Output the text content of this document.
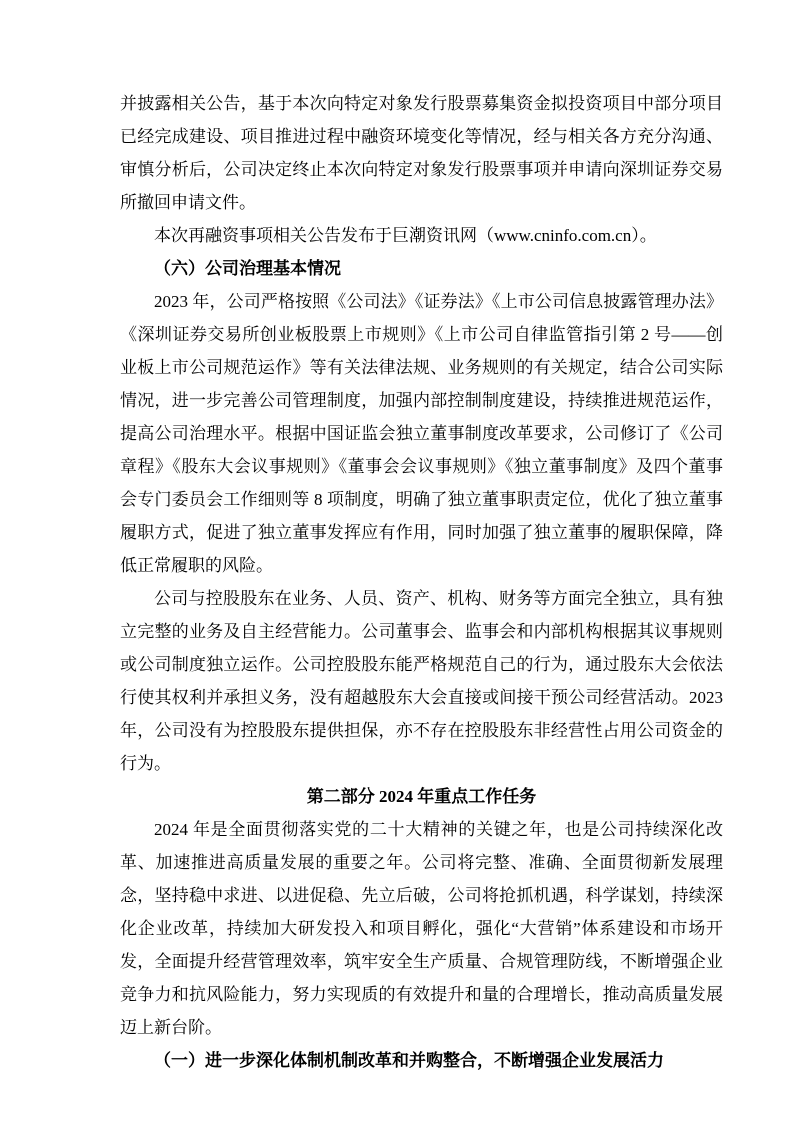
并披露相关公告，基于本次向特定对象发行股票募集资金拟投资项目中部分项目已经完成建设、项目推进过程中融资环境变化等情况，经与相关各方充分沟通、审慎分析后，公司决定终止本次向特定对象发行股票事项并申请向深圳证券交易所撤回申请文件。

本次再融资事项相关公告发布于巨潮资讯网（www.cninfo.com.cn）。

（六）公司治理基本情况

2023 年，公司严格按照《公司法》《证券法》《上市公司信息披露管理办法》《深圳证券交易所创业板股票上市规则》《上市公司自律监管指引第 2 号——创业板上市公司规范运作》等有关法律法规、业务规则的有关规定，结合公司实际情况，进一步完善公司管理制度，加强内部控制制度建设，持续推进规范运作，提高公司治理水平。根据中国证监会独立董事制度改革要求，公司修订了《公司章程》《股东大会议事规则》《董事会会议事规则》《独立董事制度》及四个董事会专门委员会工作细则等 8 项制度，明确了独立董事职责定位，优化了独立董事履职方式，促进了独立董事发挥应有作用，同时加强了独立董事的履职保障，降低正常履职的风险。

公司与控股股东在业务、人员、资产、机构、财务等方面完全独立，具有独立完整的业务及自主经营能力。公司董事会、监事会和内部机构根据其议事规则或公司制度独立运作。公司控股股东能严格规范自己的行为，通过股东大会依法行使其权利并承担义务，没有超越股东大会直接或间接干预公司经营活动。2023 年，公司没有为控股股东提供担保，亦不存在控股股东非经营性占用公司资金的行为。

第二部分 2024 年重点工作任务

2024 年是全面贯彻落实党的二十大精神的关键之年，也是公司持续深化改革、加速推进高质量发展的重要之年。公司将完整、准确、全面贯彻新发展理念，坚持稳中求进、以进促稳、先立后破，公司将抢抓机遇，科学谋划，持续深化企业改革，持续加大研发投入和项目孵化，强化“大营销”体系建设和市场开发，全面提升经营管理效率，筑牢安全生产质量、合规管理防线，不断增强企业竞争力和抗风险能力，努力实现质的有效提升和量的合理增长，推动高质量发展迈上新台阶。

（一）进一步深化体制机制改革和并购整合，不断增强企业发展活力
